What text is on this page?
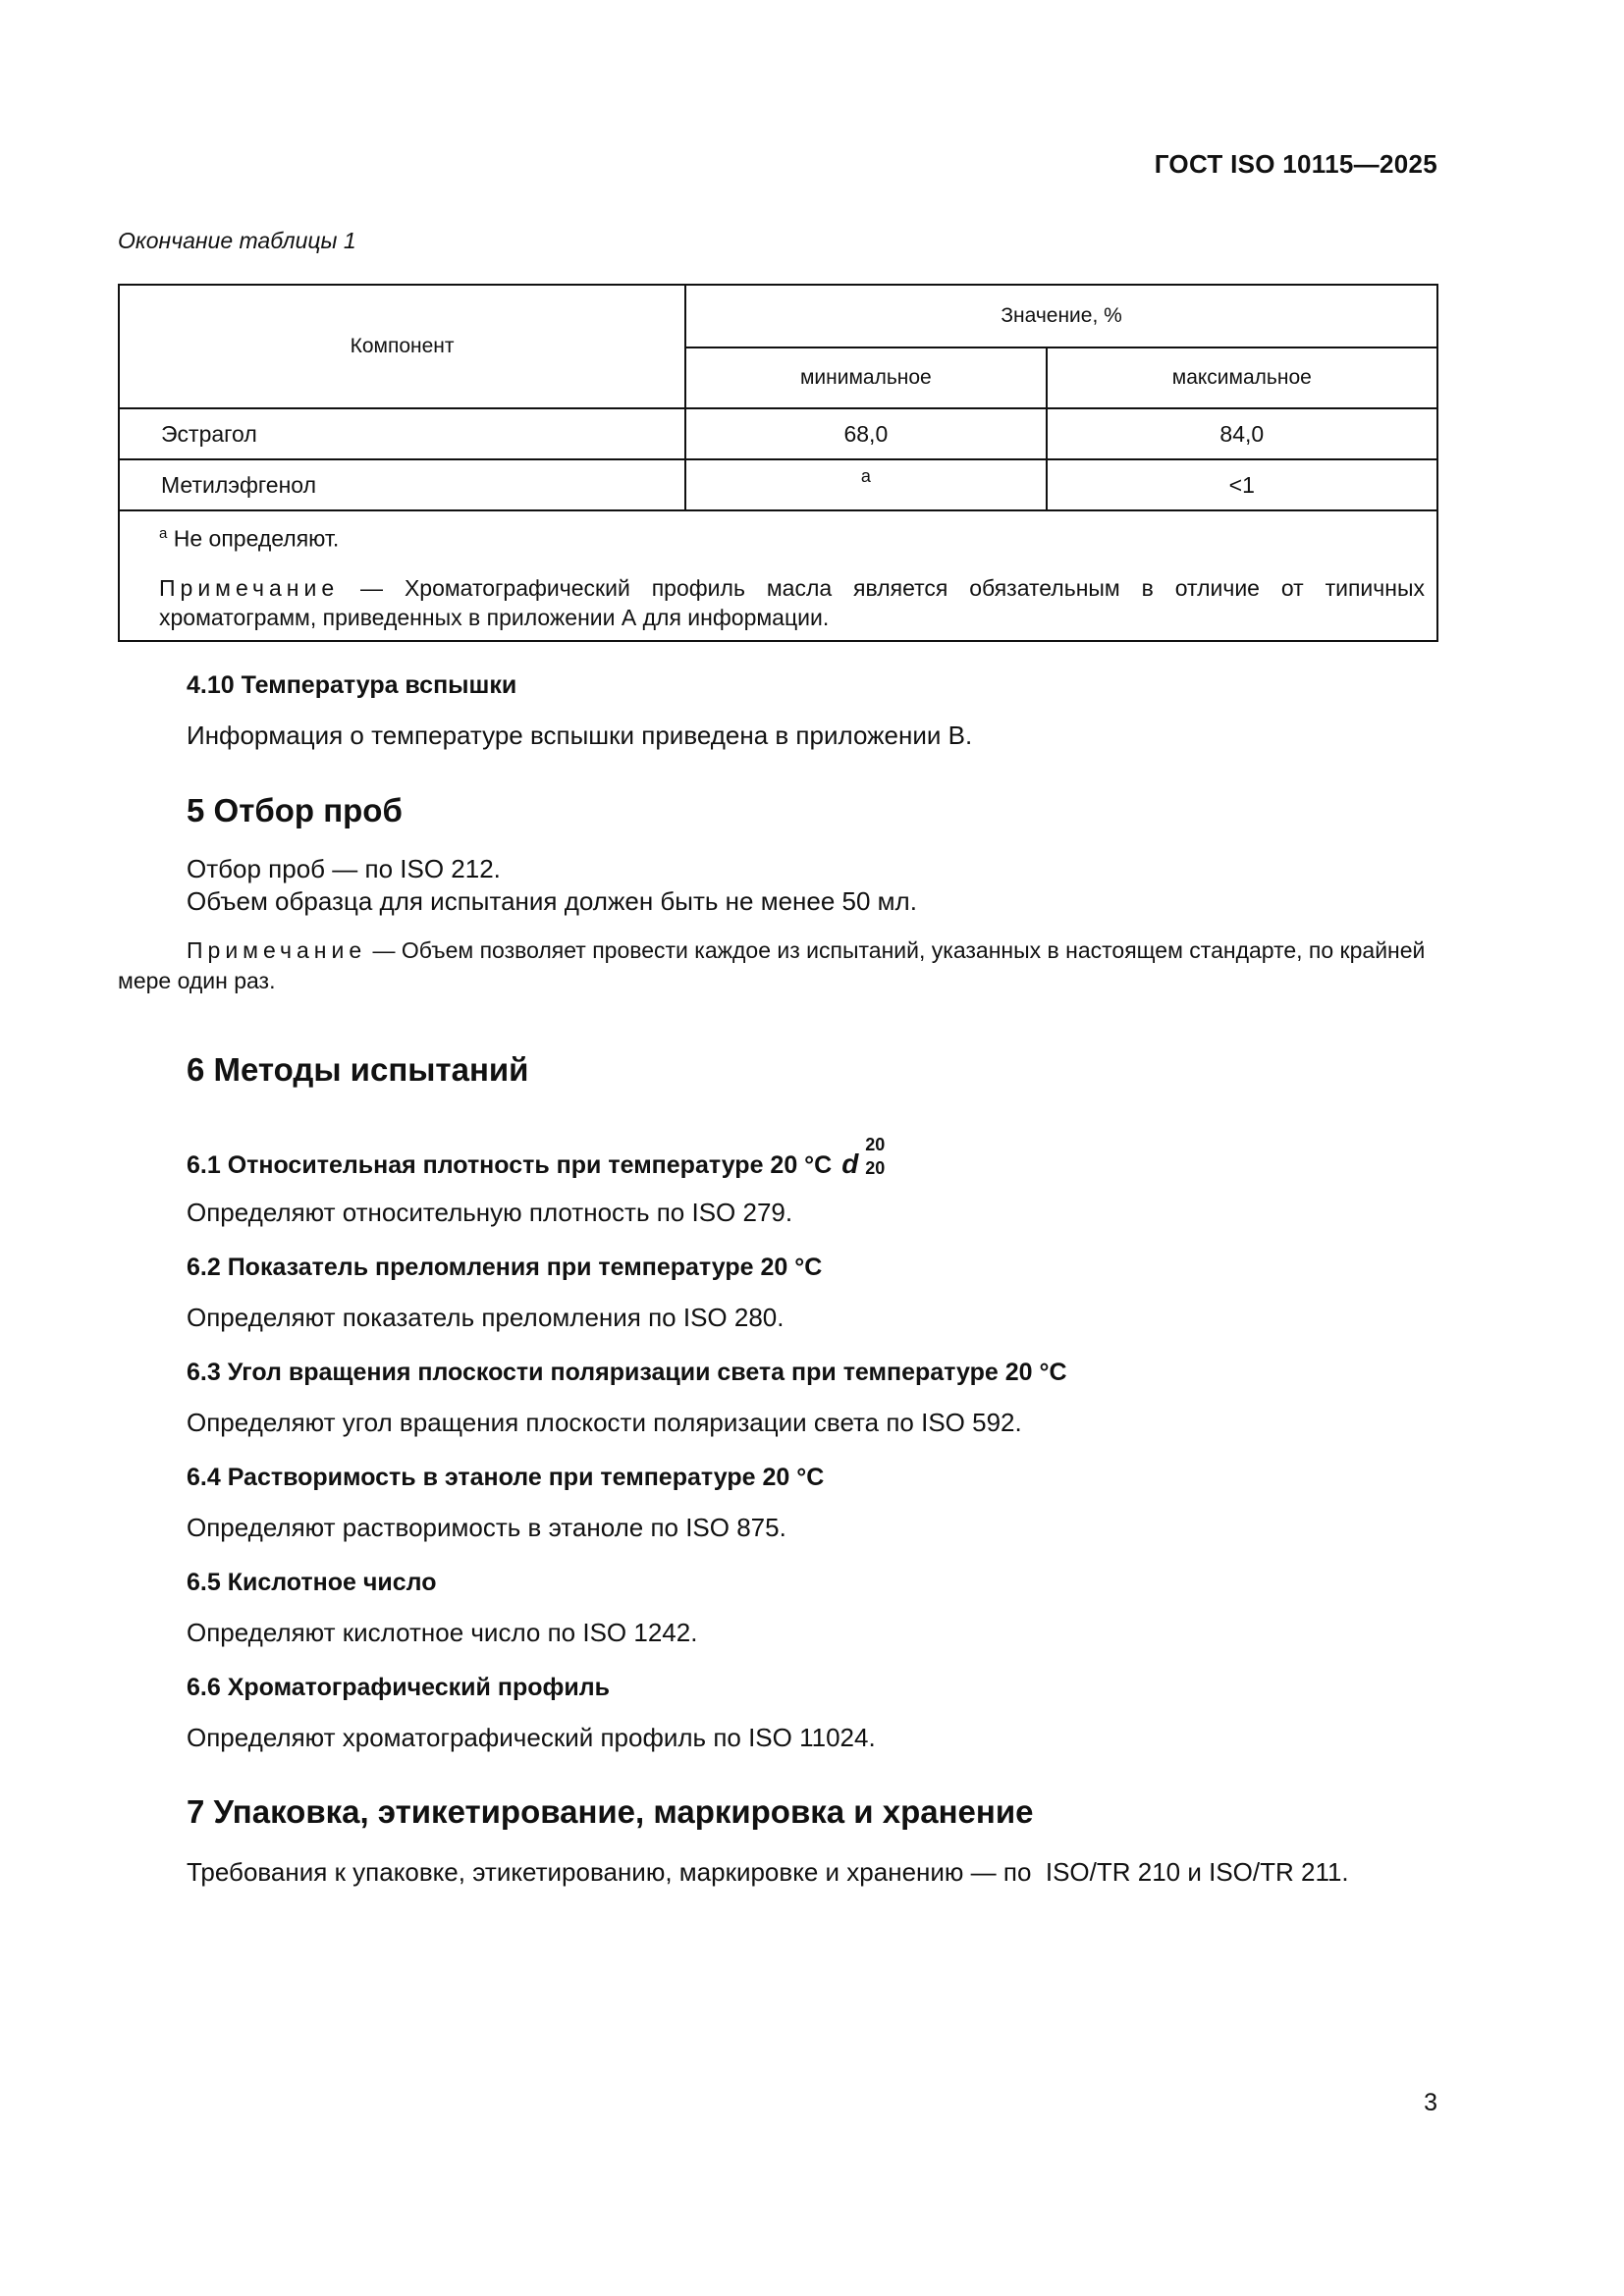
ГОСТ ISO 10115—2025
Окончание таблицы 1
Компонент	Значение, %	
	минимальное	максимальное
Эстрагол	68,0	84,0
Метилэфгенол	a	<1

$^a$ Не определяют.
Примечание — Хроматографический профиль масла является обязательным в отличие от типичных хроматограмм, приведенных в приложении А для информации.		
4.10 Температура вспышки
Информация о температуре вспышки приведена в приложении В.
5 Отбор проб
Отбор проб — по ISO 212.
Объем образца для испытания должен быть не менее 50 мл.
Примечание — Объем позволяет провести каждое из испытаний, указанных в настоящем стандарте, по крайней мере один раз.
6 Методы испытаний
6.1 Относительная плотность при температуре 20 °С d
20
20
Определяют относительную плотность по ISO 279.
6.2 Показатель преломления при температуре 20 °С
Определяют показатель преломления по ISO 280.
6.3 Угол вращения плоскости поляризации света при температуре 20 °С
Определяют угол вращения плоскости поляризации света по ISO 592.
6.4 Растворимость в этаноле при температуре 20 °С
Определяют растворимость в этаноле по ISO 875.
6.5 Кислотное число
Определяют кислотное число по ISO 1242.
6.6 Хроматографический профиль
Определяют хроматографический профиль по ISO 11024.
7 Упаковка, этикетирование, маркировка и хранение
Требования к упаковке, этикетированию, маркировке и хранению — по  ISO/TR 210 и ISO/TR 211.
3
